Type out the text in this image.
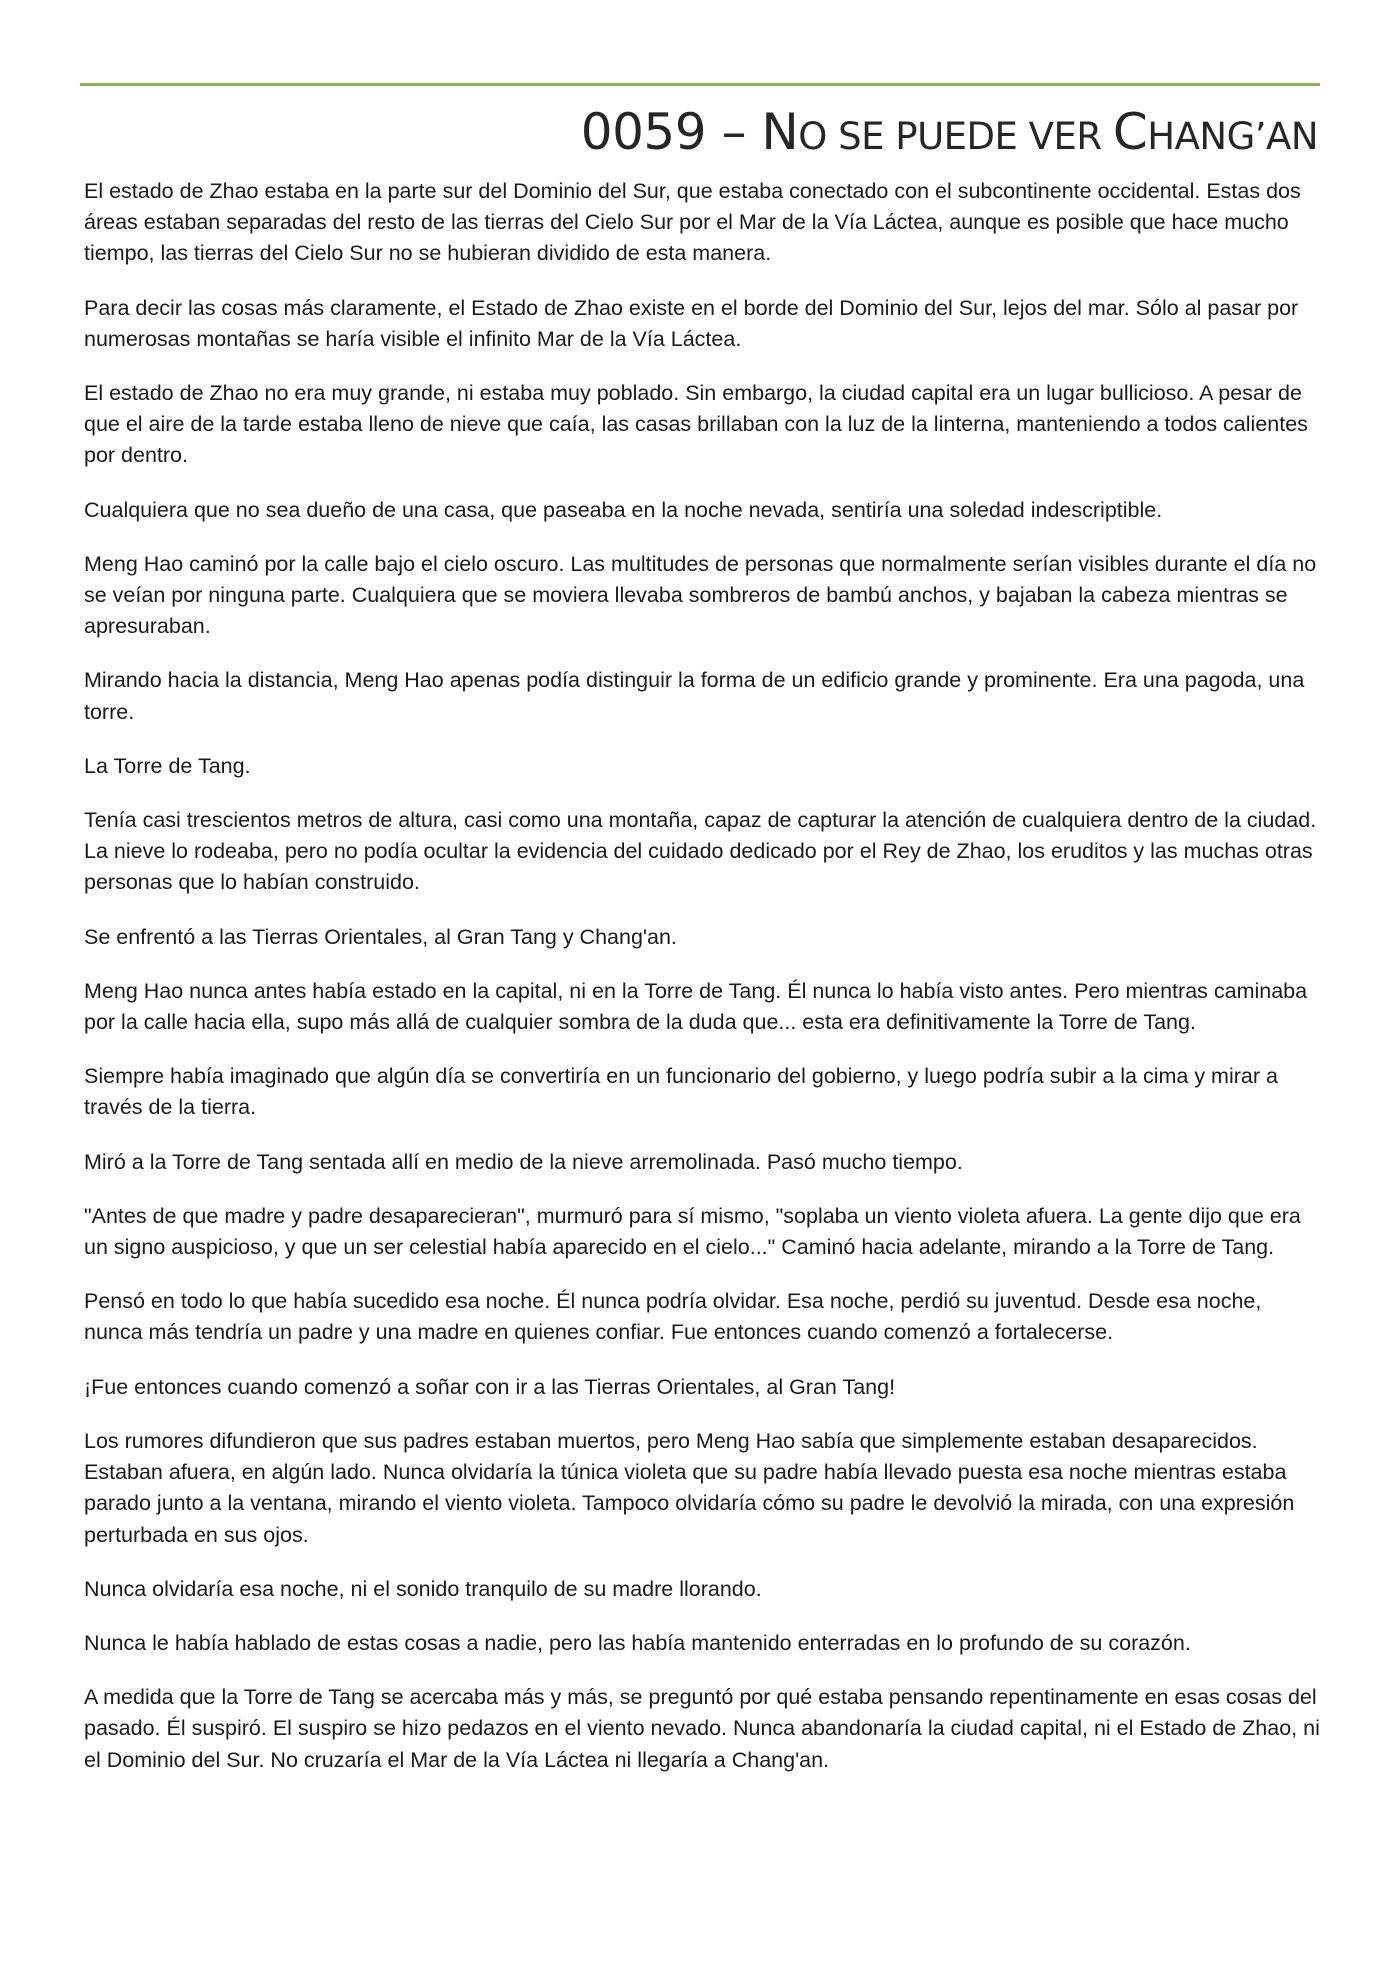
0059 – NO SE PUEDE VER CHANG’AN

El estado de Zhao estaba en la parte sur del Dominio del Sur, que estaba conectado con el subcontinente occidental. Estas dos áreas estaban separadas del resto de las tierras del Cielo Sur por el Mar de la Vía Láctea, aunque es posible que hace mucho tiempo, las tierras del Cielo Sur no se hubieran dividido de esta manera.

Para decir las cosas más claramente, el Estado de Zhao existe en el borde del Dominio del Sur, lejos del mar. Sólo al pasar por numerosas montañas se haría visible el infinito Mar de la Vía Láctea.

El estado de Zhao no era muy grande, ni estaba muy poblado. Sin embargo, la ciudad capital era un lugar bullicioso. A pesar de que el aire de la tarde estaba lleno de nieve que caía, las casas brillaban con la luz de la linterna, manteniendo a todos calientes por dentro.

Cualquiera que no sea dueño de una casa, que paseaba en la noche nevada, sentiría una soledad indescriptible.

Meng Hao caminó por la calle bajo el cielo oscuro. Las multitudes de personas que normalmente serían visibles durante el día no se veían por ninguna parte. Cualquiera que se moviera llevaba sombreros de bambú anchos, y bajaban la cabeza mientras se apresuraban.

Mirando hacia la distancia, Meng Hao apenas podía distinguir la forma de un edificio grande y prominente. Era una pagoda, una torre.

La Torre de Tang.

Tenía casi trescientos metros de altura, casi como una montaña, capaz de capturar la atención de cualquiera dentro de la ciudad. La nieve lo rodeaba, pero no podía ocultar la evidencia del cuidado dedicado por el Rey de Zhao, los eruditos y las muchas otras personas que lo habían construido.

Se enfrentó a las Tierras Orientales, al Gran Tang y Chang'an.

Meng Hao nunca antes había estado en la capital, ni en la Torre de Tang. Él nunca lo había visto antes. Pero mientras caminaba por la calle hacia ella, supo más allá de cualquier sombra de la duda que... esta era definitivamente la Torre de Tang.

Siempre había imaginado que algún día se convertiría en un funcionario del gobierno, y luego podría subir a la cima y mirar a través de la tierra.

Miró a la Torre de Tang sentada allí en medio de la nieve arremolinada. Pasó mucho tiempo.

"Antes de que madre y padre desaparecieran", murmuró para sí mismo, "soplaba un viento violeta afuera. La gente dijo que era un signo auspicioso, y que un ser celestial había aparecido en el cielo..." Caminó hacia adelante, mirando a la Torre de Tang.

Pensó en todo lo que había sucedido esa noche. Él nunca podría olvidar. Esa noche, perdió su juventud. Desde esa noche, nunca más tendría un padre y una madre en quienes confiar. Fue entonces cuando comenzó a fortalecerse.

¡Fue entonces cuando comenzó a soñar con ir a las Tierras Orientales, al Gran Tang!

Los rumores difundieron que sus padres estaban muertos, pero Meng Hao sabía que simplemente estaban desaparecidos. Estaban afuera, en algún lado. Nunca olvidaría la túnica violeta que su padre había llevado puesta esa noche mientras estaba parado junto a la ventana, mirando el viento violeta. Tampoco olvidaría cómo su padre le devolvió la mirada, con una expresión perturbada en sus ojos.

Nunca olvidaría esa noche, ni el sonido tranquilo de su madre llorando.

Nunca le había hablado de estas cosas a nadie, pero las había mantenido enterradas en lo profundo de su corazón.

A medida que la Torre de Tang se acercaba más y más, se preguntó por qué estaba pensando repentinamente en esas cosas del pasado. Él suspiró. El suspiro se hizo pedazos en el viento nevado. Nunca abandonaría la ciudad capital, ni el Estado de Zhao, ni el Dominio del Sur. No cruzaría el Mar de la Vía Láctea ni llegaría a Chang'an.
